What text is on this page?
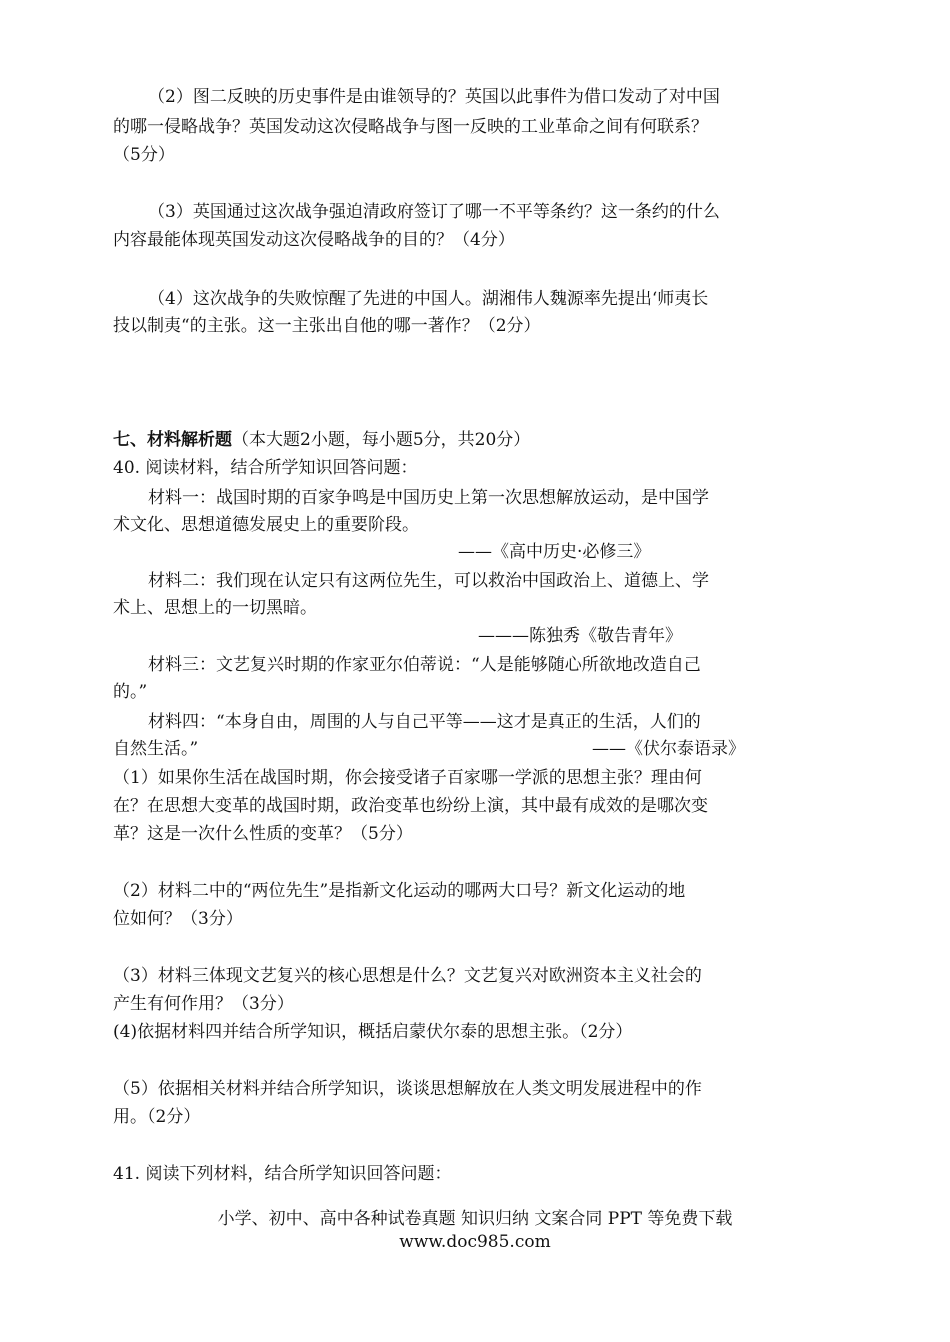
（2）图二反映的历史事件是由谁领导的？英国以此事件为借口发动了对中国
的哪一侵略战争？英国发动这次侵略战争与图一反映的工业革命之间有何联系？
（5分）
（3）英国通过这次战争强迫清政府签订了哪一不平等条约？这一条约的什么
内容最能体现英国发动这次侵略战争的目的？（4分）
（4）这次战争的失败惊醒了先进的中国人。湖湘伟人魏源率先提出‘师夷长
技以制夷“的主张。这一主张出自他的哪一著作？（2分）
七、材料解析题（本大题2小题，每小题5分，共20分）
40. 阅读材料，结合所学知识回答问题：
材料一：战国时期的百家争鸣是中国历史上第一次思想解放运动，是中国学
术文化、思想道德发展史上的重要阶段。
——《高中历史·必修三》
材料二：我们现在认定只有这两位先生，可以救治中国政治上、道德上、学
术上、思想上的一切黑暗。
———陈独秀《敬告青年》
材料三：文艺复兴时期的作家亚尔伯蒂说：“人是能够随心所欲地改造自己
的。”
材料四：“本身自由，周围的人与自己平等——这才是真正的生活，人们的
自然生活。”	——《伏尔泰语录》
（1）如果你生活在战国时期，你会接受诸子百家哪一学派的思想主张？理由何
在？在思想大变革的战国时期，政治变革也纷纷上演，其中最有成效的是哪次变
革？这是一次什么性质的变革？（5分）
（2）材料二中的“两位先生”是指新文化运动的哪两大口号？新文化运动的地
位如何？（3分）
（3）材料三体现文艺复兴的核心思想是什么？文艺复兴对欧洲资本主义社会的
产生有何作用？（3分）
(4)依据材料四并结合所学知识，概括启蒙伏尔泰的思想主张。（2分）
（5）依据相关材料并结合所学知识，谈谈思想解放在人类文明发展进程中的作
用。（2分）
41. 阅读下列材料，结合所学知识回答问题：
小学、初中、高中各种试卷真题 知识归纳 文案合同 PPT 等免费下载
www.doc985.com
